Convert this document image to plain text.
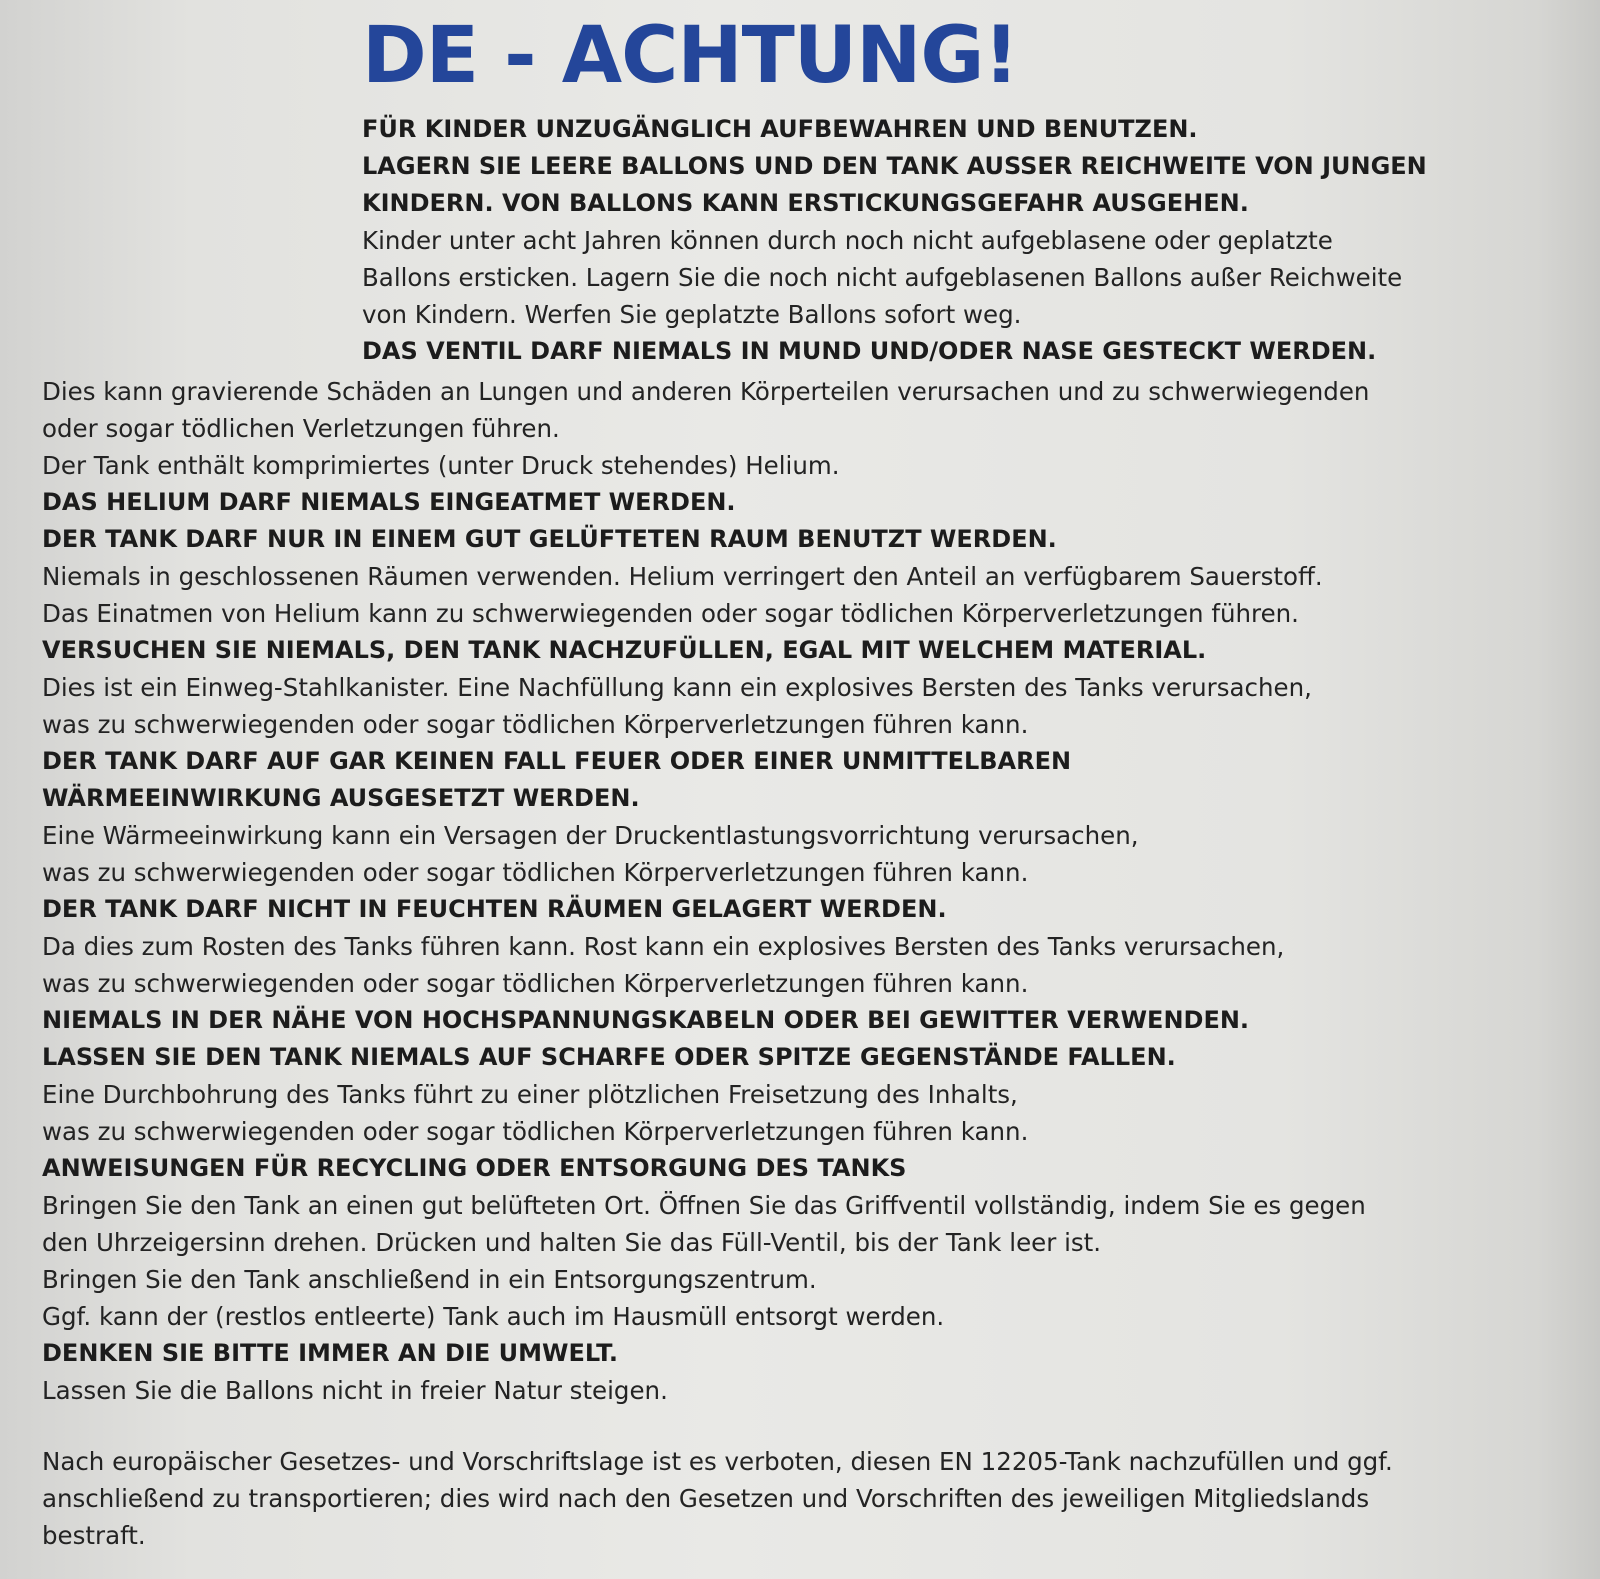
DE - ACHTUNG!
FÜR KINDER UNZUGÄNGLICH AUFBEWAHREN UND BENUTZEN.
LAGERN SIE LEERE BALLONS UND DEN TANK AUSSER REICHWEITE VON JUNGEN
KINDERN. VON BALLONS KANN ERSTICKUNGSGEFAHR AUSGEHEN.
Kinder unter acht Jahren können durch noch nicht aufgeblasene oder geplatzte
Ballons ersticken. Lagern Sie die noch nicht aufgeblasenen Ballons außer Reichweite
von Kindern. Werfen Sie geplatzte Ballons sofort weg.
DAS VENTIL DARF NIEMALS IN MUND UND/ODER NASE GESTECKT WERDEN.
Dies kann gravierende Schäden an Lungen und anderen Körperteilen verursachen und zu schwerwiegenden
oder sogar tödlichen Verletzungen führen.
Der Tank enthält komprimiertes (unter Druck stehendes) Helium.
DAS HELIUM DARF NIEMALS EINGEATMET WERDEN.
DER TANK DARF NUR IN EINEM GUT GELÜFTETEN RAUM BENUTZT WERDEN.
Niemals in geschlossenen Räumen verwenden. Helium verringert den Anteil an verfügbarem Sauerstoff.
Das Einatmen von Helium kann zu schwerwiegenden oder sogar tödlichen Körperverletzungen führen.
VERSUCHEN SIE NIEMALS, DEN TANK NACHZUFÜLLEN, EGAL MIT WELCHEM MATERIAL.
Dies ist ein Einweg-Stahlkanister. Eine Nachfüllung kann ein explosives Bersten des Tanks verursachen,
was zu schwerwiegenden oder sogar tödlichen Körperverletzungen führen kann.
DER TANK DARF AUF GAR KEINEN FALL FEUER ODER EINER UNMITTELBAREN
WÄRMEEINWIRKUNG AUSGESETZT WERDEN.
Eine Wärmeeinwirkung kann ein Versagen der Druckentlastungsvorrichtung verursachen,
was zu schwerwiegenden oder sogar tödlichen Körperverletzungen führen kann.
DER TANK DARF NICHT IN FEUCHTEN RÄUMEN GELAGERT WERDEN.
Da dies zum Rosten des Tanks führen kann. Rost kann ein explosives Bersten des Tanks verursachen,
was zu schwerwiegenden oder sogar tödlichen Körperverletzungen führen kann.
NIEMALS IN DER NÄHE VON HOCHSPANNUNGSKABELN ODER BEI GEWITTER VERWENDEN.
LASSEN SIE DEN TANK NIEMALS AUF SCHARFE ODER SPITZE GEGENSTÄNDE FALLEN.
Eine Durchbohrung des Tanks führt zu einer plötzlichen Freisetzung des Inhalts,
was zu schwerwiegenden oder sogar tödlichen Körperverletzungen führen kann.
ANWEISUNGEN FÜR RECYCLING ODER ENTSORGUNG DES TANKS
Bringen Sie den Tank an einen gut belüfteten Ort. Öffnen Sie das Griffventil vollständig, indem Sie es gegen
den Uhrzeigersinn drehen. Drücken und halten Sie das Füll-Ventil, bis der Tank leer ist.
Bringen Sie den Tank anschließend in ein Entsorgungszentrum.
Ggf. kann der (restlos entleerte) Tank auch im Hausmüll entsorgt werden.
DENKEN SIE BITTE IMMER AN DIE UMWELT.
Lassen Sie die Ballons nicht in freier Natur steigen.
Nach europäischer Gesetzes- und Vorschriftslage ist es verboten, diesen EN 12205-Tank nachzufüllen und ggf.
anschließend zu transportieren; dies wird nach den Gesetzen und Vorschriften des jeweiligen Mitgliedslands
bestraft.
